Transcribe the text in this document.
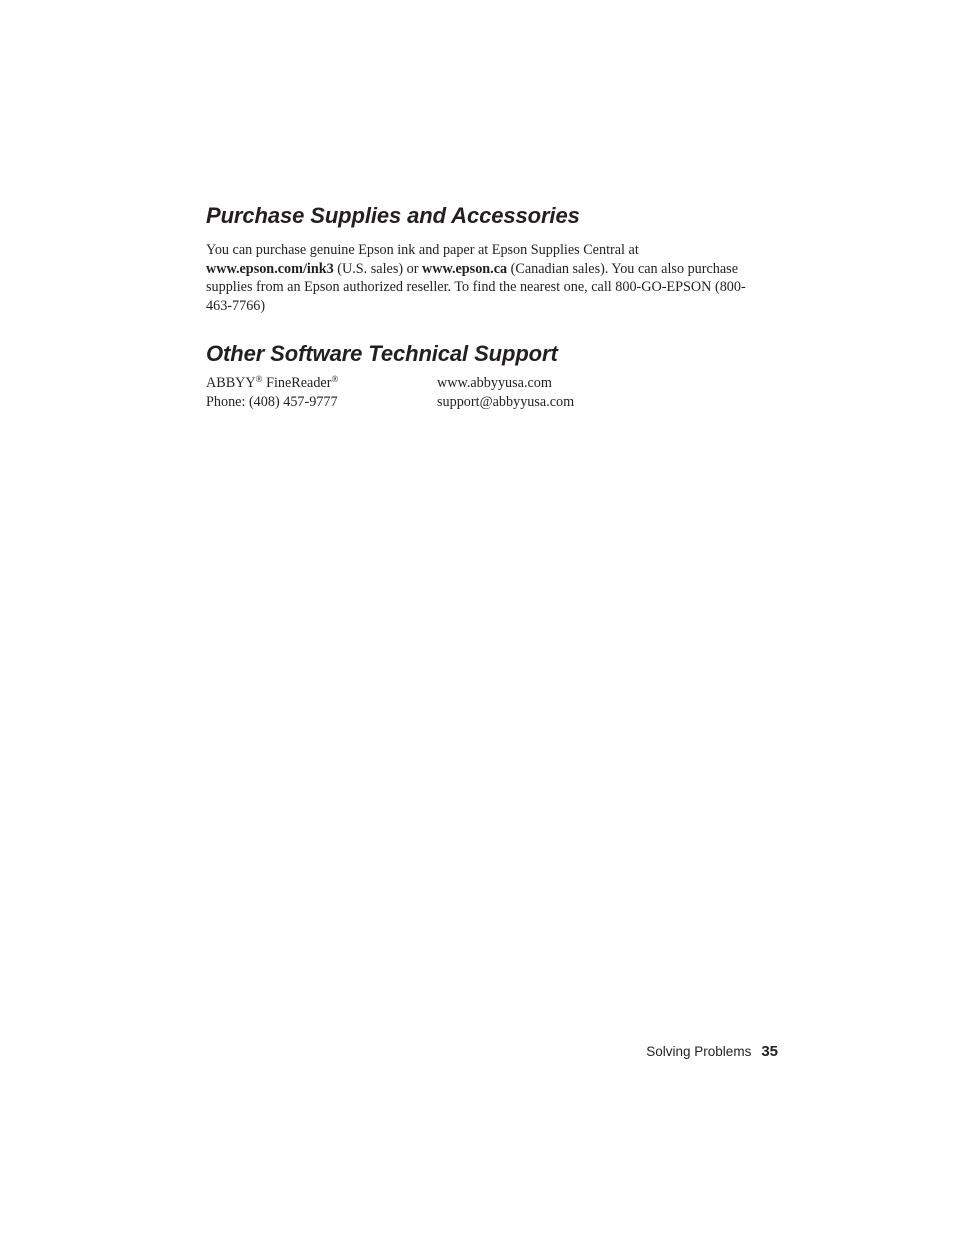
Purchase Supplies and Accessories

You can purchase genuine Epson ink and paper at Epson Supplies Central at
www.epson.com/ink3 (U.S. sales) or www.epson.ca (Canadian sales). You can also purchase supplies from an Epson authorized reseller. To find the nearest one, call 800-GO-EPSON (800-463-7766)

Other Software Technical Support
ABBYY® FineReader®	www.abbyyusa.com
Phone: (408) 457-9777	support@abbyyusa.com
Solving Problems 35
